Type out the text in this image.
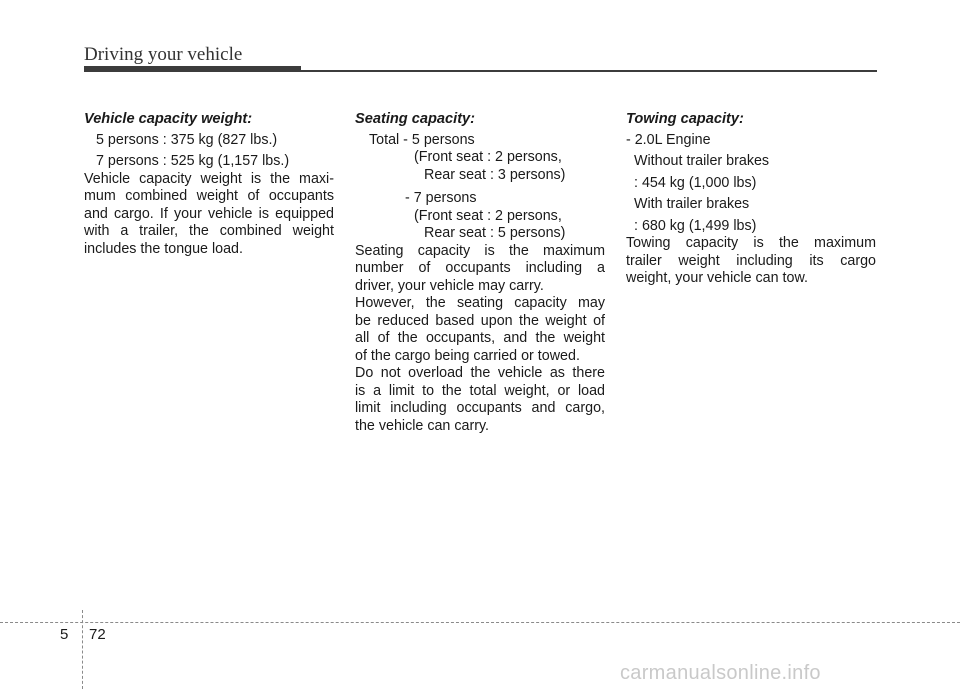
Driving your vehicle
Vehicle capacity weight:
5 persons : 375 kg (827 lbs.)
7 persons : 525 kg (1,157 lbs.)
Vehicle capacity weight is the maxi-
mum combined weight of occupants
and cargo. If your vehicle is equipped
with a trailer, the combined weight
includes the tongue load.
Seating capacity:
Total - 5 persons
(Front seat : 2 persons,
Rear seat : 3 persons)
- 7 persons
(Front seat : 2 persons,
Rear seat : 5 persons)
Seating capacity is the maximum
number of occupants including a
driver, your vehicle may carry.
However, the seating capacity may
be reduced based upon the weight of
all of the occupants, and the weight
of the cargo being carried or towed.
Do not overload the vehicle as there
is a limit to the total weight, or load
limit including occupants and cargo,
the vehicle can carry.
Towing capacity:
- 2.0L Engine
Without trailer brakes
: 454 kg (1,000 lbs)
With trailer brakes
: 680 kg (1,499 lbs)
Towing capacity is the maximum
trailer weight including its cargo
weight, your vehicle can tow.
5 72
carmanualsonline.info
